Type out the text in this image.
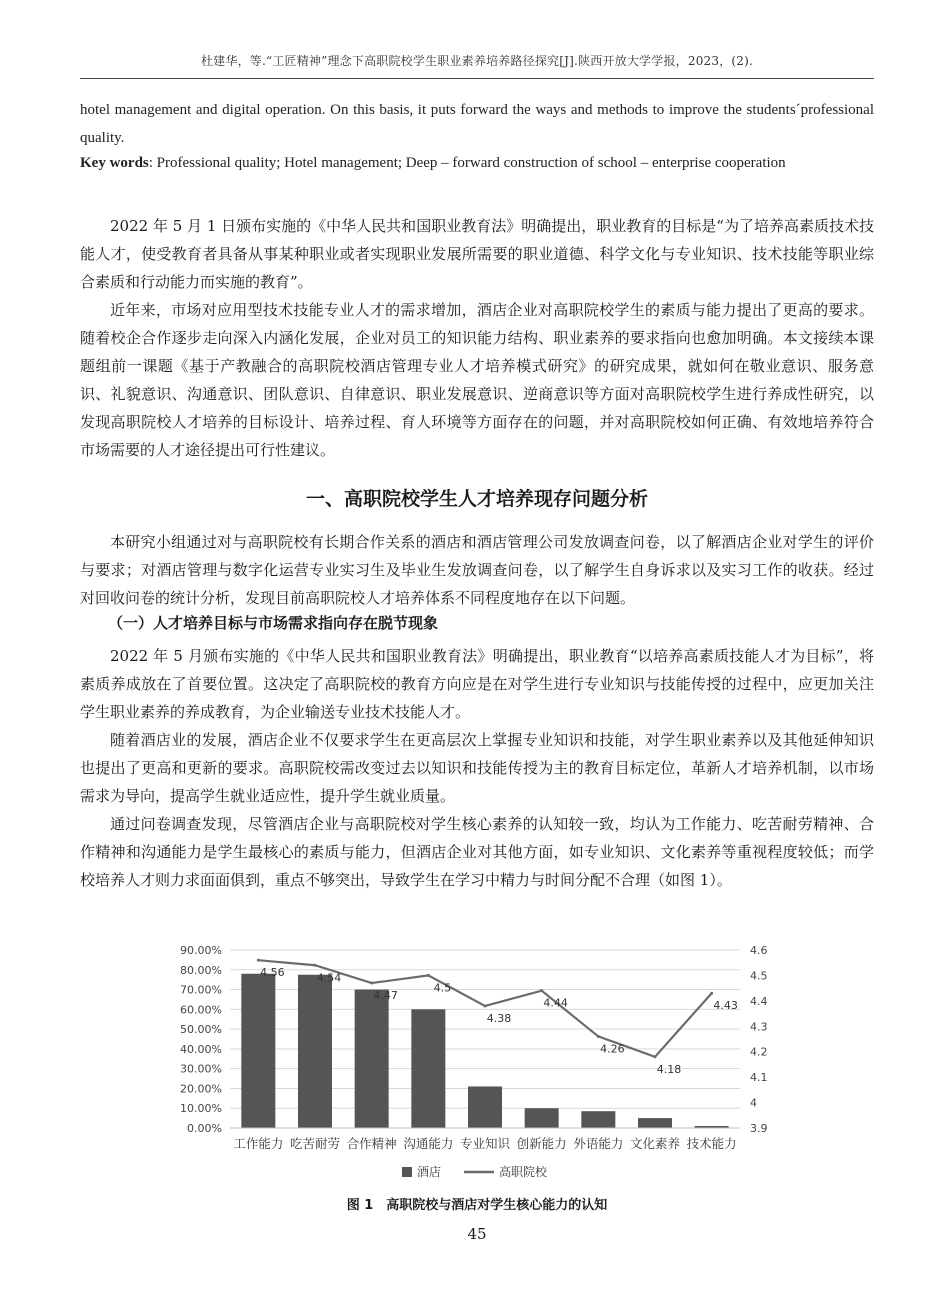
杜建华，等.“工匠精神”理念下高职院校学生职业素养培养路径探究[J].陕西开放大学学报，2023，(2).

hotel management and digital operation. On this basis, it puts forward the ways and methods to improve the students´professional quality.

Key words: Professional quality; Hotel management; Deep – forward construction of school – enterprise cooperation

2022 年 5 月 1 日颁布实施的《中华人民共和国职业教育法》明确提出，职业教育的目标是“为了培养高素质技术技能人才，使受教育者具备从事某种职业或者实现职业发展所需要的职业道德、科学文化与专业知识、技术技能等职业综合素质和行动能力而实施的教育”。

近年来，市场对应用型技术技能专业人才的需求增加，酒店企业对高职院校学生的素质与能力提出了更高的要求。随着校企合作逐步走向深入内涵化发展，企业对员工的知识能力结构、职业素养的要求指向也愈加明确。本文接续本课题组前一课题《基于产教融合的高职院校酒店管理专业人才培养模式研究》的研究成果，就如何在敬业意识、服务意识、礼貌意识、沟通意识、团队意识、自律意识、职业发展意识、逆商意识等方面对高职院校学生进行养成性研究，以发现高职院校人才培养的目标设计、培养过程、育人环境等方面存在的问题，并对高职院校如何正确、有效地培养符合市场需要的人才途径提出可行性建议。

一、高职院校学生人才培养现存问题分析

本研究小组通过对与高职院校有长期合作关系的酒店和酒店管理公司发放调查问卷，以了解酒店企业对学生的评价与要求；对酒店管理与数字化运营专业实习生及毕业生发放调查问卷，以了解学生自身诉求以及实习工作的收获。经过对回收问卷的统计分析，发现目前高职院校人才培养体系不同程度地存在以下问题。

（一）人才培养目标与市场需求指向存在脱节现象

2022 年 5 月颁布实施的《中华人民共和国职业教育法》明确提出，职业教育“以培养高素质技能人才为目标”，将素质养成放在了首要位置。这决定了高职院校的教育方向应是在对学生进行专业知识与技能传授的过程中，应更加关注学生职业素养的养成教育，为企业输送专业技术技能人才。

随着酒店业的发展，酒店企业不仅要求学生在更高层次上掌握专业知识和技能，对学生职业素养以及其他延伸知识也提出了更高和更新的要求。高职院校需改变过去以知识和技能传授为主的教育目标定位，革新人才培养机制，以市场需求为导向，提高学生就业适应性，提升学生就业质量。

通过问卷调查发现，尽管酒店企业与高职院校对学生核心素养的认知较一致，均认为工作能力、吃苦耐劳精神、合作精神和沟通能力是学生最核心的素质与能力，但酒店企业对其他方面，如专业知识、文化素养等重视程度较低；而学校培养人才则力求面面俱到，重点不够突出，导致学生在学习中精力与时间分配不合理（如图 1）。

0.00%
10.00%
20.00%
30.00%
40.00%
50.00%
60.00%
70.00%
80.00%
90.00%
3.9
4
4.1
4.2
4.3
4.4
4.5
4.6
4.56	4.54
4.47
4.5
4.38
4.44
4.26
4.18
4.43
工作能力 吃苦耐劳 合作精神 沟通能力 专业知识 创新能力 外语能力 文化素养 技术能力
酒店	高职院校
图 1　高职院校与酒店对学生核心能力的认知
45
